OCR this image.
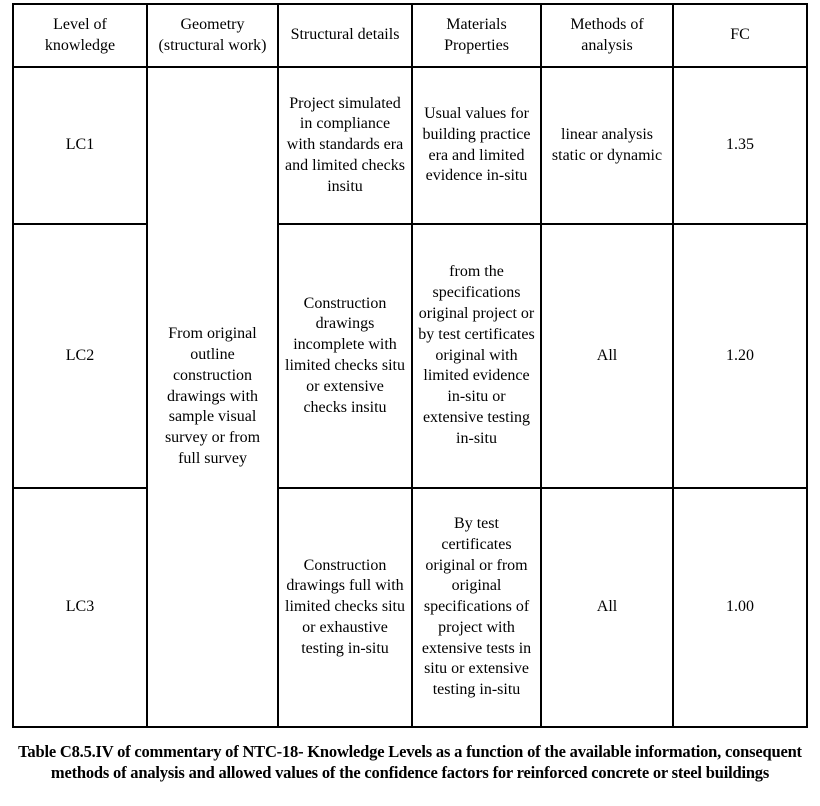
Level of knowledge	Geometry (structural work)	Structural details	Materials Properties	Methods of analysis	FC
LC1	From original outline construction drawings with sample visual survey or from full survey	Project simulated in compliance with standards era and limited checks insitu	Usual values for building practice era and limited evidence in-situ	linear analysis static or dynamic	1.35
LC2		Construction drawings incomplete with limited checks situ or extensive checks insitu	from the specifications original project or by test certificates original with limited evidence in-situ or extensive testing in-situ	All	1.20
LC3		Construction drawings full with limited checks situ or exhaustive testing in-situ	By test certificates original or from original specifications of project with extensive tests in situ or extensive testing in-situ	All	1.00
Table C8.5.IV of commentary of NTC-18- Knowledge Levels as a function of the available information, consequent methods of analysis and allowed values of the confidence factors for reinforced concrete or steel buildings
